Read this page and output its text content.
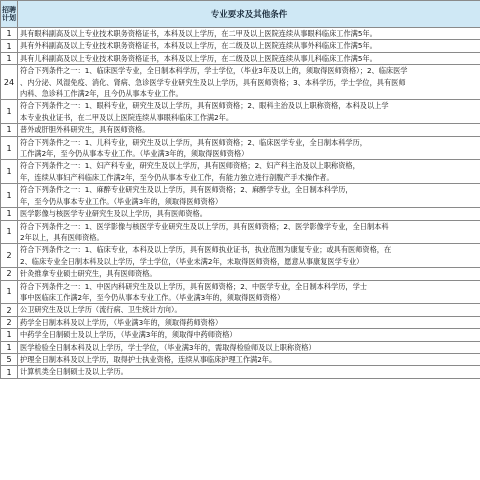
招聘计划	专业要求及其他条件
1	具有眼科副高及以上专业技术职务资格证书，本科及以上学历，在二甲及以上医院连续从事眼科临床工作满5年。

1	具有外科副高及以上专业技术职务资格证书，本科及以上学历，在二级及以上医院连续从事外科临床工作满5年。

1	具有儿科副高及以上专业技术职务资格证书，本科及以上学历，在二级及以上医院连续从事儿科临床工作满5年。

24	符合下列条件之一：1、临床医学专业，全日制本科学历，学士学位，（毕业3年及以上的，须取得医师资格）；2、临床医学
、内分泌、风湿免疫、消化、肾病、急诊医学专业研究生及以上学历，具有医师资格；3、本科学历，学士学位，具有医师
内科、急诊科工作满2年，且今仍从事本专业工作。

1	符合下列条件之一：1、眼科专业，研究生及以上学历，具有医师资格；2、眼科主治及以上职称资格，本科及以上学
本专业执业证书，在二甲及以上医院连续从事眼科临床工作满2年。

1	普外或肝胆外科研究生，具有医师资格。

1	符合下列条件之一：1、儿科专业，研究生及以上学历，具有医师资格；2、临床医学专业，全日制本科学历，
工作满2年，至今仍从事本专业工作。（毕业满3年的，须取得医师资格）

1	符合下列条件之一：1、妇产科专业，研究生及以上学历，具有医师资格；2、妇产科主治及以上职称资格，
年，连续从事妇产科临床工作满2年，至今仍从事本专业工作，有能力独立进行剖腹产手术操作者。

1	符合下列条件之一：1、麻醉专业研究生及以上学历，具有医师资格；2、麻醉学专业，全日制本科学历，
年，至今仍从事本专业工作。（毕业满3年的，须取得医师资格）

1	医学影像与核医学专业研究生及以上学历，具有医师资格。

1	符合下列条件之一：1、医学影像与核医学专业研究生及以上学历，具有医师资格；2、医学影像学专业，全日制本科
2年以上，具有医师资格。

2	符合下列条件之一：1、临床专业，本科及以上学历，具有医师执业证书，执业范围为康复专业；或具有医师资格，在
2、临床专业全日制本科及以上学历，学士学位，（毕业未满2年，未取得医师资格，愿意从事康复医学专业）

2	针灸推拿专业硕士研究生，具有医师资格。

1	符合下列条件之一：1、中医内科研究生及以上学历，具有医师资格；2、中医学专业，全日制本科学历，学士
事中医临床工作满2年，至今仍从事本专业工作。（毕业满3年的，须取得医师资格）

2	公卫研究生及以上学历（流行病、卫生统计方向）。

2	药学全日制本科及以上学历，（毕业满3年的，须取得药师资格）

1	中药学全日制硕士及以上学历，（毕业满3年的，须取得中药师资格）

1	医学检验全日制本科及以上学历，学士学位，（毕业满3年的，需取得检验师及以上职称资格）

5	护理全日制本科及以上学历，取得护士执业资格，连续从事临床护理工作满2年。

1	计算机类全日制硕士及以上学历。
